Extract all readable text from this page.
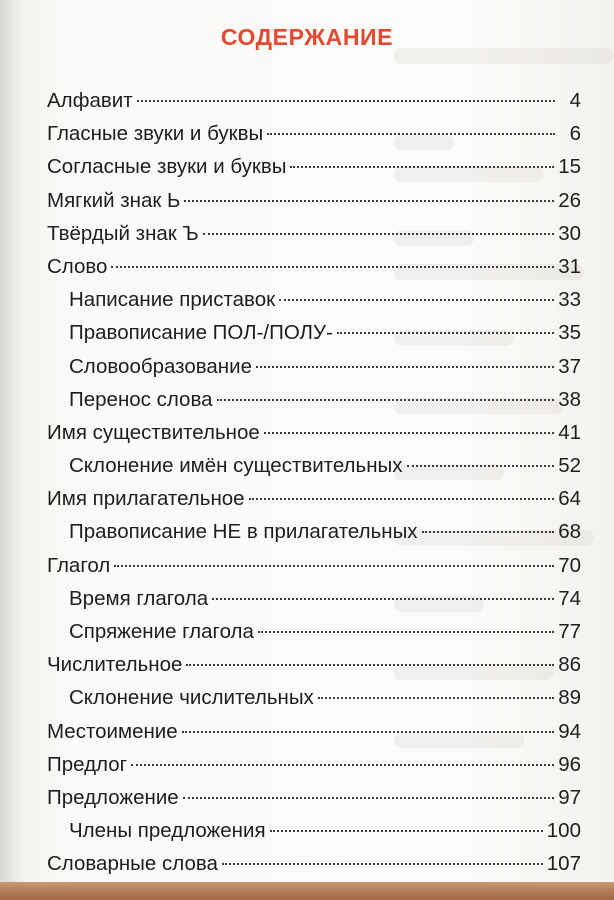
СОДЕРЖАНИЕ
Алфавит	4
Гласные звуки и буквы	6
Согласные звуки и буквы	15
Мягкий знак Ь	26
Твёрдый знак Ъ	30
Слово	31
Написание приставок	33
Правописание ПОЛ-/ПОЛУ-	35
Словообразование	37
Перенос слова	38
Имя существительное	41
Склонение имён существительных	52
Имя прилагательное	64
Правописание НЕ в прилагательных	68
Глагол	70
Время глагола	74
Спряжение глагола	77
Числительное	86
Склонение числительных	89
Местоимение	94
Предлог	96
Предложение	97
Члены предложения	100
Словарные слова	107
